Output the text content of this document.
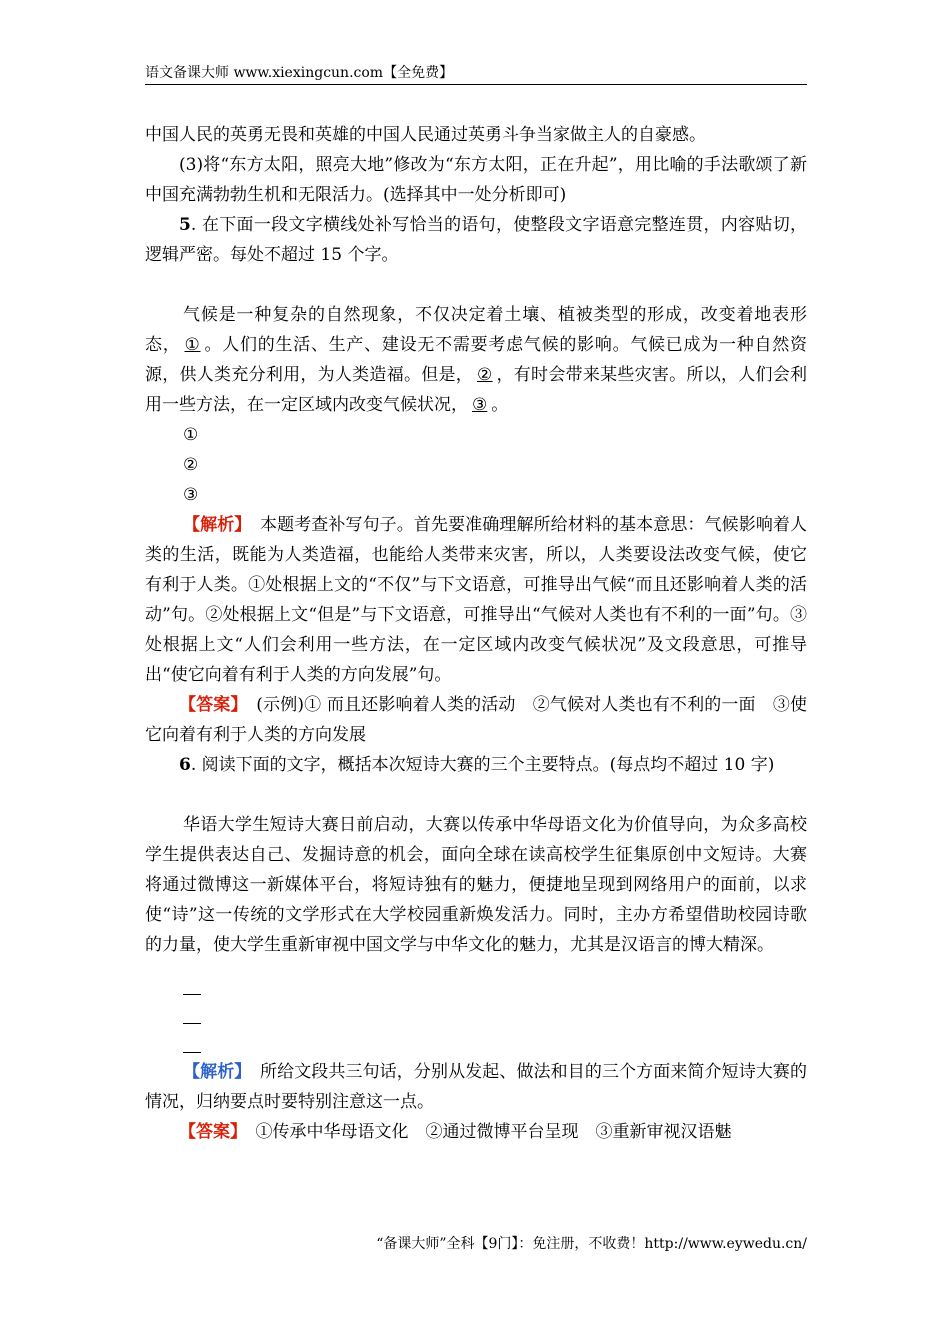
语文备课大师 www.xiexingcun.com【全免费】

中国人民的英勇无畏和英雄的中国人民通过英勇斗争当家做主人的自豪感。

(3)将“东方太阳，照亮大地”修改为“东方太阳，正在升起”，用比喻的手法歌颂了新中国充满勃勃生机和无限活力。(选择其中一处分析即可)

5. 在下面一段文字横线处补写恰当的语句，使整段文字语意完整连贯，内容贴切，逻辑严密。每处不超过 15 个字。

气候是一种复杂的自然现象，不仅决定着土壤、植被类型的形成，改变着地表形态， ① 。人们的生活、生产、建设无不需要考虑气候的影响。气候已成为一种自然资源，供人类充分利用，为人类造福。但是， ② ，有时会带来某些灾害。所以，人们会利用一些方法，在一定区域内改变气候状况， ③ 。

①

②

③

【解析】　 本题考查补写句子。首先要准确理解所给材料的基本意思：气候影响着人类的生活，既能为人类造福，也能给人类带来灾害，所以，人类要设法改变气候，使它有利于人类。①处根据上文的“不仅”与下文语意，可推导出气候“而且还影响着人类的活动”句。②处根据上文“但是”与下文语意，可推导出“气候对人类也有不利的一面”句。③处根据上文“人们会利用一些方法，在一定区域内改变气候状况”及文段意思，可推导出“使它向着有利于人类的方向发展”句。

【答案】　 (示例)① 而且还影响着人类的活动　②气候对人类也有不利的一面　③使它向着有利于人类的方向发展

6. 阅读下面的文字，概括本次短诗大赛的三个主要特点。(每点均不超过 10 字)

华语大学生短诗大赛日前启动，大赛以传承中华母语文化为价值导向，为众多高校学生提供表达自己、发掘诗意的机会，面向全球在读高校学生征集原创中文短诗。大赛将通过微博这一新媒体平台，将短诗独有的魅力，便捷地呈现到网络用户的面前，以求使“诗”这一传统的文学形式在大学校园重新焕发活力。同时，主办方希望借助校园诗歌的力量，使大学生重新审视中国文学与中华文化的魅力，尤其是汉语言的博大精深。

【解析】　 所给文段共三句话，分别从发起、做法和目的三个方面来简介短诗大赛的情况，归纳要点时要特别注意这一点。

【答案】　 ①传承中华母语文化　②通过微博平台呈现　③重新审视汉语魅

“备课大师”全科【9门】：免注册，不收费！http://www.eywedu.cn/
